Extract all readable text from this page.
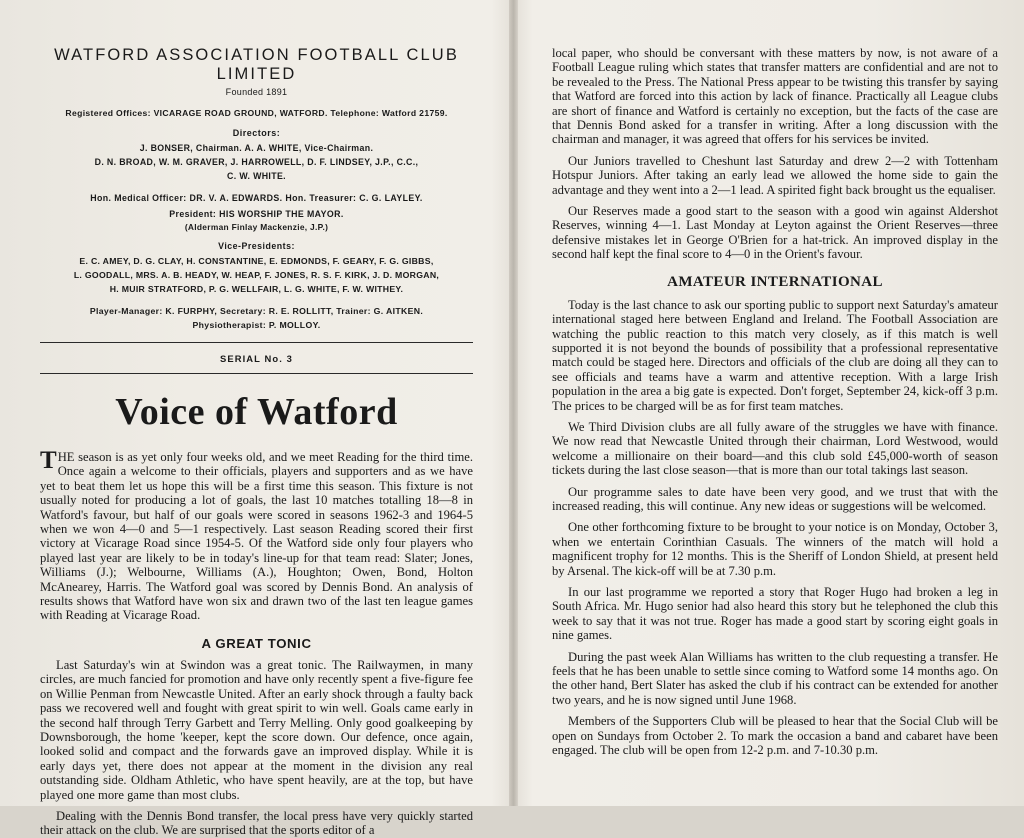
WATFORD ASSOCIATION FOOTBALL CLUB LIMITED
Founded 1891
Registered Offices: VICARAGE ROAD GROUND, WATFORD. Telephone: Watford 21759.
Directors:
J. BONSER, Chairman. A. A. WHITE, Vice-Chairman.
D. N. BROAD, W. M. GRAVER, J. HARROWELL, D. F. LINDSEY, J.P., C.C.,
C. W. WHITE.
Hon. Medical Officer: DR. V. A. EDWARDS. Hon. Treasurer: C. G. LAYLEY.
President: HIS WORSHIP THE MAYOR.
(Alderman Finlay Mackenzie, J.P.)
Vice-Presidents:
E. C. AMEY, D. G. CLAY, H. CONSTANTINE, E. EDMONDS, F. GEARY, F. G. GIBBS,
L. GOODALL, MRS. A. B. HEADY, W. HEAP, F. JONES, R. S. F. KIRK, J. D. MORGAN,
H. MUIR STRATFORD, P. G. WELLFAIR, L. G. WHITE, F. W. WITHEY.
Player-Manager: K. FURPHY, Secretary: R. E. ROLLITT, Trainer: G. AITKEN.
Physiotherapist: P. MOLLOY.
SERIAL No. 3
Voice of Watford

THE season is as yet only four weeks old, and we meet Reading for the third time. Once again a welcome to their officials, players and supporters and as we have yet to beat them let us hope this will be a first time this season. This fixture is not usually noted for producing a lot of goals, the last 10 matches totalling 18—8 in Watford's favour, but half of our goals were scored in seasons 1962-3 and 1964-5 when we won 4—0 and 5—1 respectively. Last season Reading scored their first victory at Vicarage Road since 1954-5. Of the Watford side only four players who played last year are likely to be in today's line-up for that team read: Slater; Jones, Williams (J.); Welbourne, Williams (A.), Houghton; Owen, Bond, Holton McAnearey, Harris. The Watford goal was scored by Dennis Bond. An analysis of results shows that Watford have won six and drawn two of the last ten league games with Reading at Vicarage Road.

A GREAT TONIC

Last Saturday's win at Swindon was a great tonic. The Railwaymen, in many circles, are much fancied for promotion and have only recently spent a five-figure fee on Willie Penman from Newcastle United. After an early shock through a faulty back pass we recovered well and fought with great spirit to win well. Goals came early in the second half through Terry Garbett and Terry Melling. Only good goalkeeping by Downsborough, the home 'keeper, kept the score down. Our defence, once again, looked solid and compact and the forwards gave an improved display. While it is early days yet, there does not appear at the moment in the division any real outstanding side. Oldham Athletic, who have spent heavily, are at the top, but have played one more game than most clubs.

Dealing with the Dennis Bond transfer, the local press have very quickly started their attack on the club. We are surprised that the sports editor of a

local paper, who should be conversant with these matters by now, is not aware of a Football League ruling which states that transfer matters are confidential and are not to be revealed to the Press. The National Press appear to be twisting this transfer by saying that Watford are forced into this action by lack of finance. Practically all League clubs are short of finance and Watford is certainly no exception, but the facts of the case are that Dennis Bond asked for a transfer in writing. After a long discussion with the chairman and manager, it was agreed that offers for his services be invited.

Our Juniors travelled to Cheshunt last Saturday and drew 2—2 with Tottenham Hotspur Juniors. After taking an early lead we allowed the home side to gain the advantage and they went into a 2—1 lead. A spirited fight back brought us the equaliser.

Our Reserves made a good start to the season with a good win against Aldershot Reserves, winning 4—1. Last Monday at Leyton against the Orient Reserves—three defensive mistakes let in George O'Brien for a hat-trick. An improved display in the second half kept the final score to 4—0 in the Orient's favour.

AMATEUR INTERNATIONAL

Today is the last chance to ask our sporting public to support next Saturday's amateur international staged here between England and Ireland. The Football Association are watching the public reaction to this match very closely, as if this match is well supported it is not beyond the bounds of possibility that a professional representative match could be staged here. Directors and officials of the club are doing all they can to see officials and teams have a warm and attentive reception. With a large Irish population in the area a big gate is expected. Don't forget, September 24, kick-off 3 p.m. The prices to be charged will be as for first team matches.

We Third Division clubs are all fully aware of the struggles we have with finance. We now read that Newcastle United through their chairman, Lord Westwood, would welcome a millionaire on their board—and this club sold £45,000-worth of season tickets during the last close season—that is more than our total takings last season.

Our programme sales to date have been very good, and we trust that with the increased reading, this will continue. Any new ideas or suggestions will be welcomed.

One other forthcoming fixture to be brought to your notice is on Monday, October 3, when we entertain Corinthian Casuals. The winners of the match will hold a magnificent trophy for 12 months. This is the Sheriff of London Shield, at present held by Arsenal. The kick-off will be at 7.30 p.m.

In our last programme we reported a story that Roger Hugo had broken a leg in South Africa. Mr. Hugo senior had also heard this story but he telephoned the club this week to say that it was not true. Roger has made a good start by scoring eight goals in nine games.

During the past week Alan Williams has written to the club requesting a transfer. He feels that he has been unable to settle since coming to Watford some 14 months ago. On the other hand, Bert Slater has asked the club if his contract can be extended for another two years, and he is now signed until June 1968.

Members of the Supporters Club will be pleased to hear that the Social Club will be open on Sundays from October 2. To mark the occasion a band and cabaret have been engaged. The club will be open from 12-2 p.m. and 7-10.30 p.m.
